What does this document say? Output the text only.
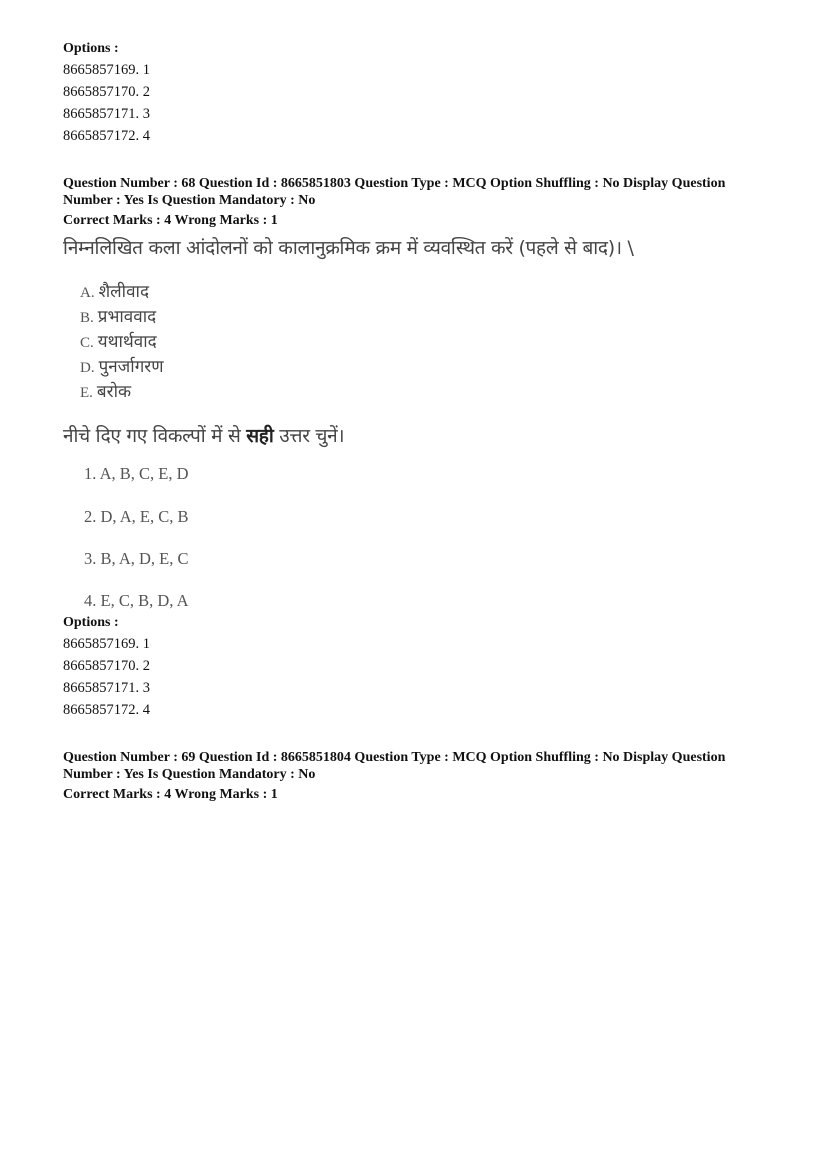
Options :
8665857169. 1
8665857170. 2
8665857171. 3
8665857172. 4
Question Number : 68 Question Id : 8665851803 Question Type : MCQ Option Shuffling : No Display Question
Number : Yes Is Question Mandatory : No
Correct Marks : 4 Wrong Marks : 1
निम्नलिखित कला आंदोलनों को कालानुक्रमिक क्रम में व्यवस्थित करें (पहले से बाद)। \
A. शैलीवाद
B. प्रभाववाद
C. यथार्थवाद
D. पुनर्जागरण
E. बरोक
नीचे दिए गए विकल्पों में से सही उत्तर चुनें।
1. A, B, C, E, D
2. D, A, E, C, B
3. B, A, D, E, C
4. E, C, B, D, A
Options :
8665857169. 1
8665857170. 2
8665857171. 3
8665857172. 4
Question Number : 69 Question Id : 8665851804 Question Type : MCQ Option Shuffling : No Display Question
Number : Yes Is Question Mandatory : No
Correct Marks : 4 Wrong Marks : 1
